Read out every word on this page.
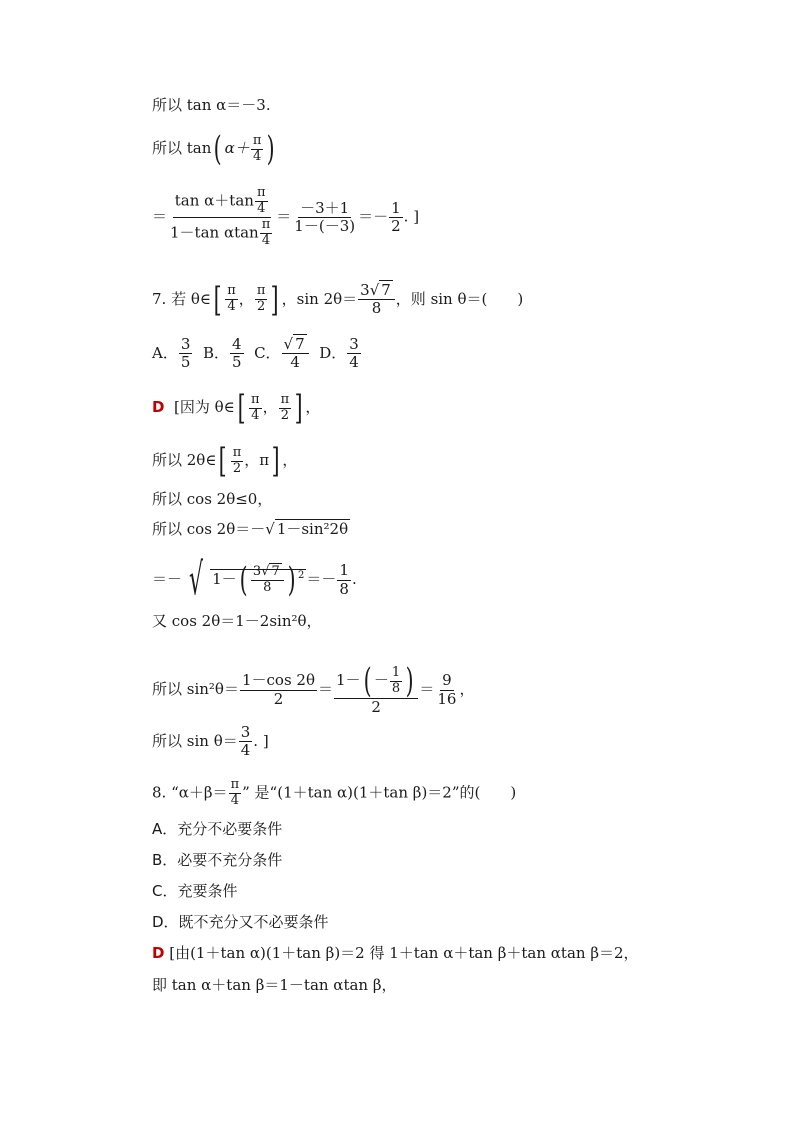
所以 tan α＝－3.
所以 tan( $\alpha+ \frac{\pi}{4}$ )
＝ $\frac{\tan \alpha+\tan \frac{\pi}{4}}{1-\tan \alpha\tan \frac{\pi}{4}} = \frac{-3+1}{1-(-3)} =- \frac{1}{2}$ . ]
7. 若 θ∈[ $\frac{\pi}{4}$ ， $\frac{\pi}{2}$ ] ，$\sin 2\theta= \frac{3√ 7}{8}$ ，则 sin θ＝(　　)
A． $\frac{3}{5}$ B． $\frac{4}{5}$ C． $\frac{√ 7}{4}$ D． $\frac{3}{4}$
D [因为 θ∈[ $\frac{\pi}{4}$ ， $\frac{\pi}{2}$ ] ，
所以 2θ∈[ $\frac{\pi}{2}$ ，π] ，
所以 cos 2θ≤0，
所以 cos 2θ＝－√ 1－sin²2θ
＝－ √ $1-( \frac{3√ 7}{8}$ ) $^2 =- \frac{1}{8}$ .
又 cos 2θ＝1－2sin²θ，
所以 $\sin^2\theta= \frac{1-\cos 2\theta}{2} = \frac{1-( - \frac{1}{8} )}{2} = \frac{9}{16}$ ，
所以 $\sin \theta= \frac{3}{4}$ . ]
8. “$\alpha+\beta= \frac{\pi}{4}$ ” 是“(1＋tan α)(1＋tan β)＝2”的(　　)
A．充分不必要条件
B．必要不充分条件
C．充要条件
D．既不充分又不必要条件
D [由(1＋tan α)(1＋tan β)＝2 得 1＋tan α＋tan β＋tan αtan β＝2，
即 tan α＋tan β＝1－tan αtan β，
